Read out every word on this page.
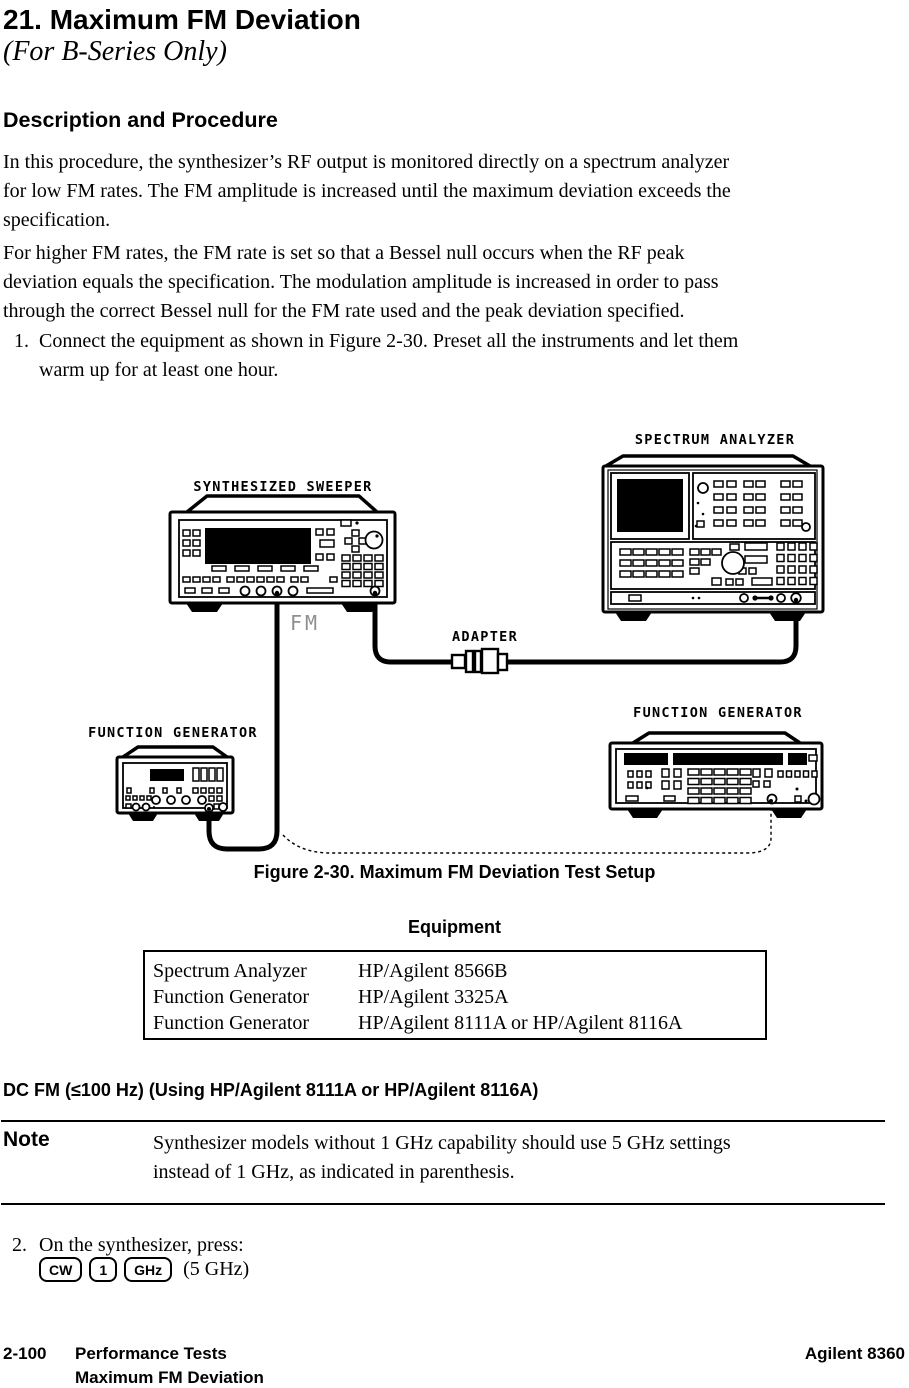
21. Maximum FM Deviation
(For B-Series Only)
Description and Procedure
In this procedure, the synthesizer’s RF output is monitored directly on a spectrum analyzer
for low FM rates. The FM amplitude is increased until the maximum deviation exceeds the
specification.
For higher FM rates, the FM rate is set so that a Bessel null occurs when the RF peak
deviation equals the specification. The modulation amplitude is increased in order to pass
through the correct Bessel null for the FM rate used and the peak deviation specified.
1. Connect the equipment as shown in Figure 2-30. Preset all the instruments and let them
warm up for at least one hour.
SYNTHESIZED SWEEPER
FM
SPECTRUM ANALYZER
ADAPTER
FUNCTION GENERATOR
FUNCTION GENERATOR
Figure 2-30. Maximum FM Deviation Test Setup
Equipment
Spectrum Analyzer	HP/Agilent 8566B
Function Generator	HP/Agilent 3325A
Function Generator	HP/Agilent 8111A or HP/Agilent 8116A
DC FM (≤100 Hz) (Using HP/Agilent 8111A or HP/Agilent 8116A)
Note	Synthesizer models without 1 GHz capability should use 5 GHz settings
instead of 1 GHz, as indicated in parenthesis.
2. On the synthesizer, press:
CW	1	GHz	(5 GHz)
2-100 Performance Tests
Maximum FM Deviation
Agilent 8360
